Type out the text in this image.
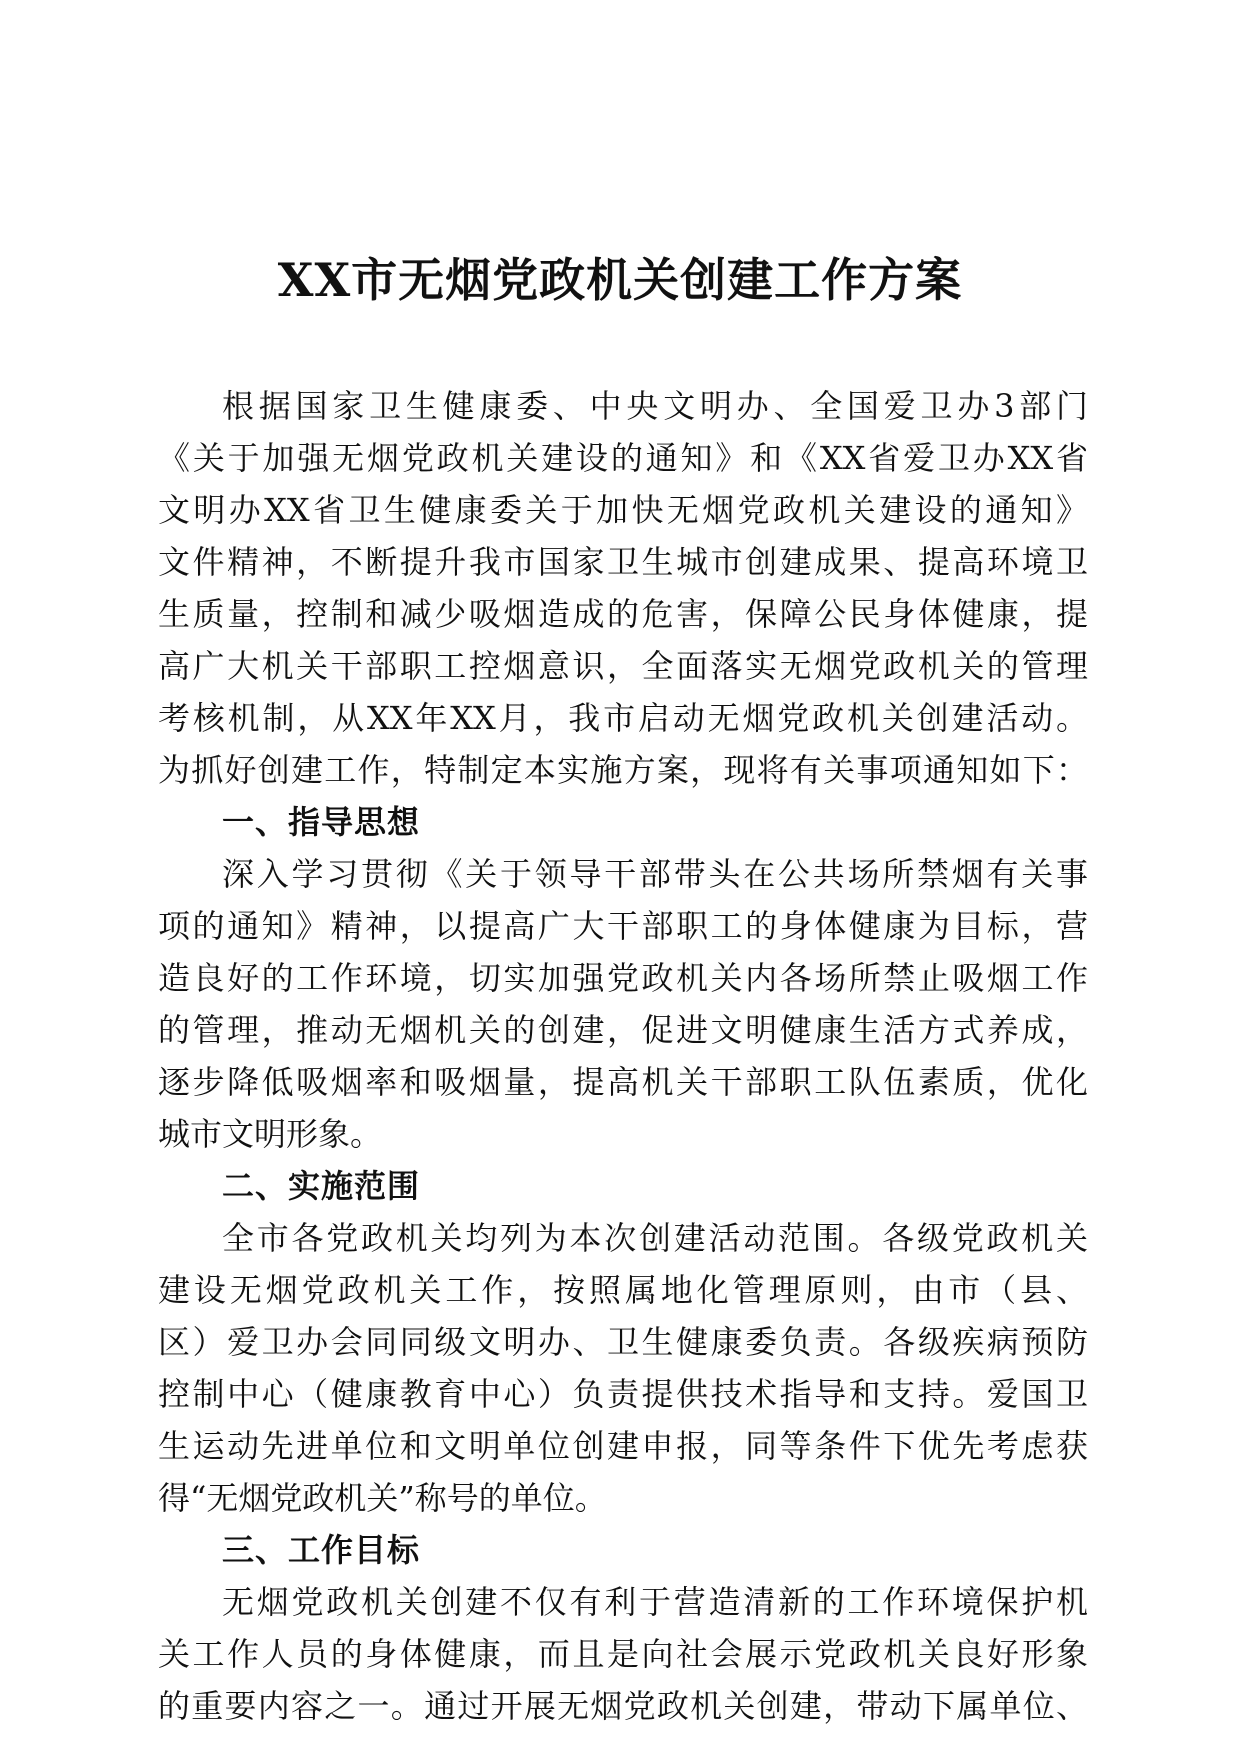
XX市无烟党政机关创建工作方案
根据国家卫生健康委、中央文明办、全国爱卫办3部门
《关于加强无烟党政机关建设的通知》和《XX省爱卫办XX省
文明办XX省卫生健康委关于加快无烟党政机关建设的通知》
文件精神，不断提升我市国家卫生城市创建成果、提高环境卫
生质量，控制和减少吸烟造成的危害，保障公民身体健康，提
高广大机关干部职工控烟意识，全面落实无烟党政机关的管理
考核机制，从XX年XX月，我市启动无烟党政机关创建活动。
为抓好创建工作，特制定本实施方案，现将有关事项通知如下：
一、指导思想
深入学习贯彻《关于领导干部带头在公共场所禁烟有关事
项的通知》精神，以提高广大干部职工的身体健康为目标，营
造良好的工作环境，切实加强党政机关内各场所禁止吸烟工作
的管理，推动无烟机关的创建，促进文明健康生活方式养成，
逐步降低吸烟率和吸烟量，提高机关干部职工队伍素质，优化
城市文明形象。
二、实施范围
全市各党政机关均列为本次创建活动范围。各级党政机关
建设无烟党政机关工作，按照属地化管理原则，由市（县、
区）爱卫办会同同级文明办、卫生健康委负责。各级疾病预防
控制中心（健康教育中心）负责提供技术指导和支持。爱国卫
生运动先进单位和文明单位创建申报，同等条件下优先考虑获
得“无烟党政机关”称号的单位。
三、工作目标
无烟党政机关创建不仅有利于营造清新的工作环境保护机
关工作人员的身体健康，而且是向社会展示党政机关良好形象
的重要内容之一。通过开展无烟党政机关创建，带动下属单位、
